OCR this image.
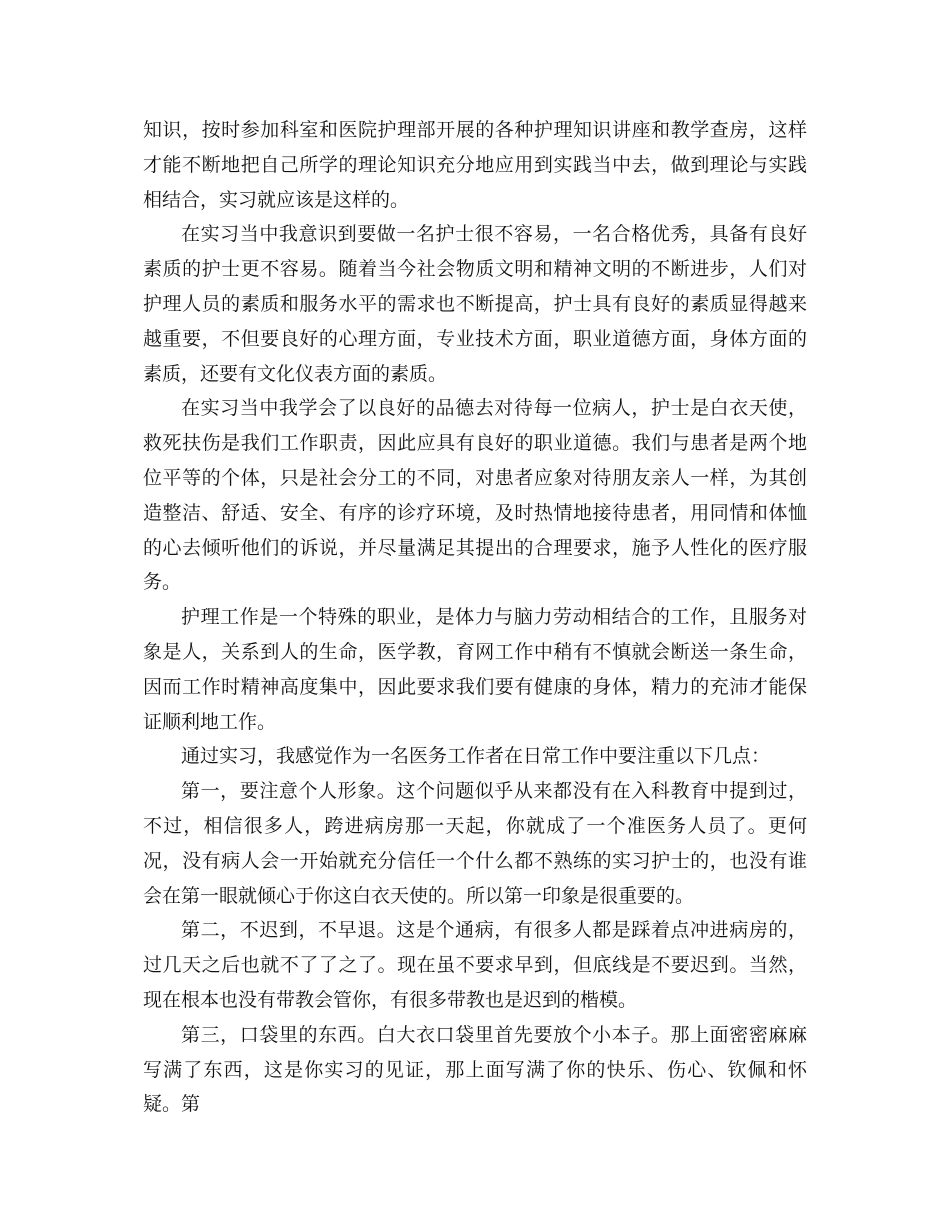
知识，按时参加科室和医院护理部开展的各种护理知识讲座和教学查房，这样才能不断地把自己所学的理论知识充分地应用到实践当中去，做到理论与实践相结合，实习就应该是这样的。

在实习当中我意识到要做一名护士很不容易，一名合格优秀，具备有良好素质的护士更不容易。随着当今社会物质文明和精神文明的不断进步，人们对护理人员的素质和服务水平的需求也不断提高，护士具有良好的素质显得越来越重要，不但要良好的心理方面，专业技术方面，职业道德方面，身体方面的素质，还要有文化仪表方面的素质。

在实习当中我学会了以良好的品德去对待每一位病人，护士是白衣天使，救死扶伤是我们工作职责，因此应具有良好的职业道德。我们与患者是两个地位平等的个体，只是社会分工的不同，对患者应象对待朋友亲人一样，为其创造整洁、舒适、安全、有序的诊疗环境，及时热情地接待患者，用同情和体恤的心去倾听他们的诉说，并尽量满足其提出的合理要求，施予人性化的医疗服务。

护理工作是一个特殊的职业，是体力与脑力劳动相结合的工作，且服务对象是人，关系到人的生命，医学教，育网工作中稍有不慎就会断送一条生命，因而工作时精神高度集中，因此要求我们要有健康的身体，精力的充沛才能保证顺利地工作。

通过实习，我感觉作为一名医务工作者在日常工作中要注重以下几点：

第一，要注意个人形象。这个问题似乎从来都没有在入科教育中提到过，不过，相信很多人，跨进病房那一天起，你就成了一个准医务人员了。更何况，没有病人会一开始就充分信任一个什么都不熟练的实习护士的，也没有谁会在第一眼就倾心于你这白衣天使的。所以第一印象是很重要的。

第二，不迟到，不早退。这是个通病，有很多人都是踩着点冲进病房的，过几天之后也就不了了之了。现在虽不要求早到，但底线是不要迟到。当然，现在根本也没有带教会管你，有很多带教也是迟到的楷模。

第三，口袋里的东西。白大衣口袋里首先要放个小本子。那上面密密麻麻写满了东西，这是你实习的见证，那上面写满了你的快乐、伤心、钦佩和怀疑。第
